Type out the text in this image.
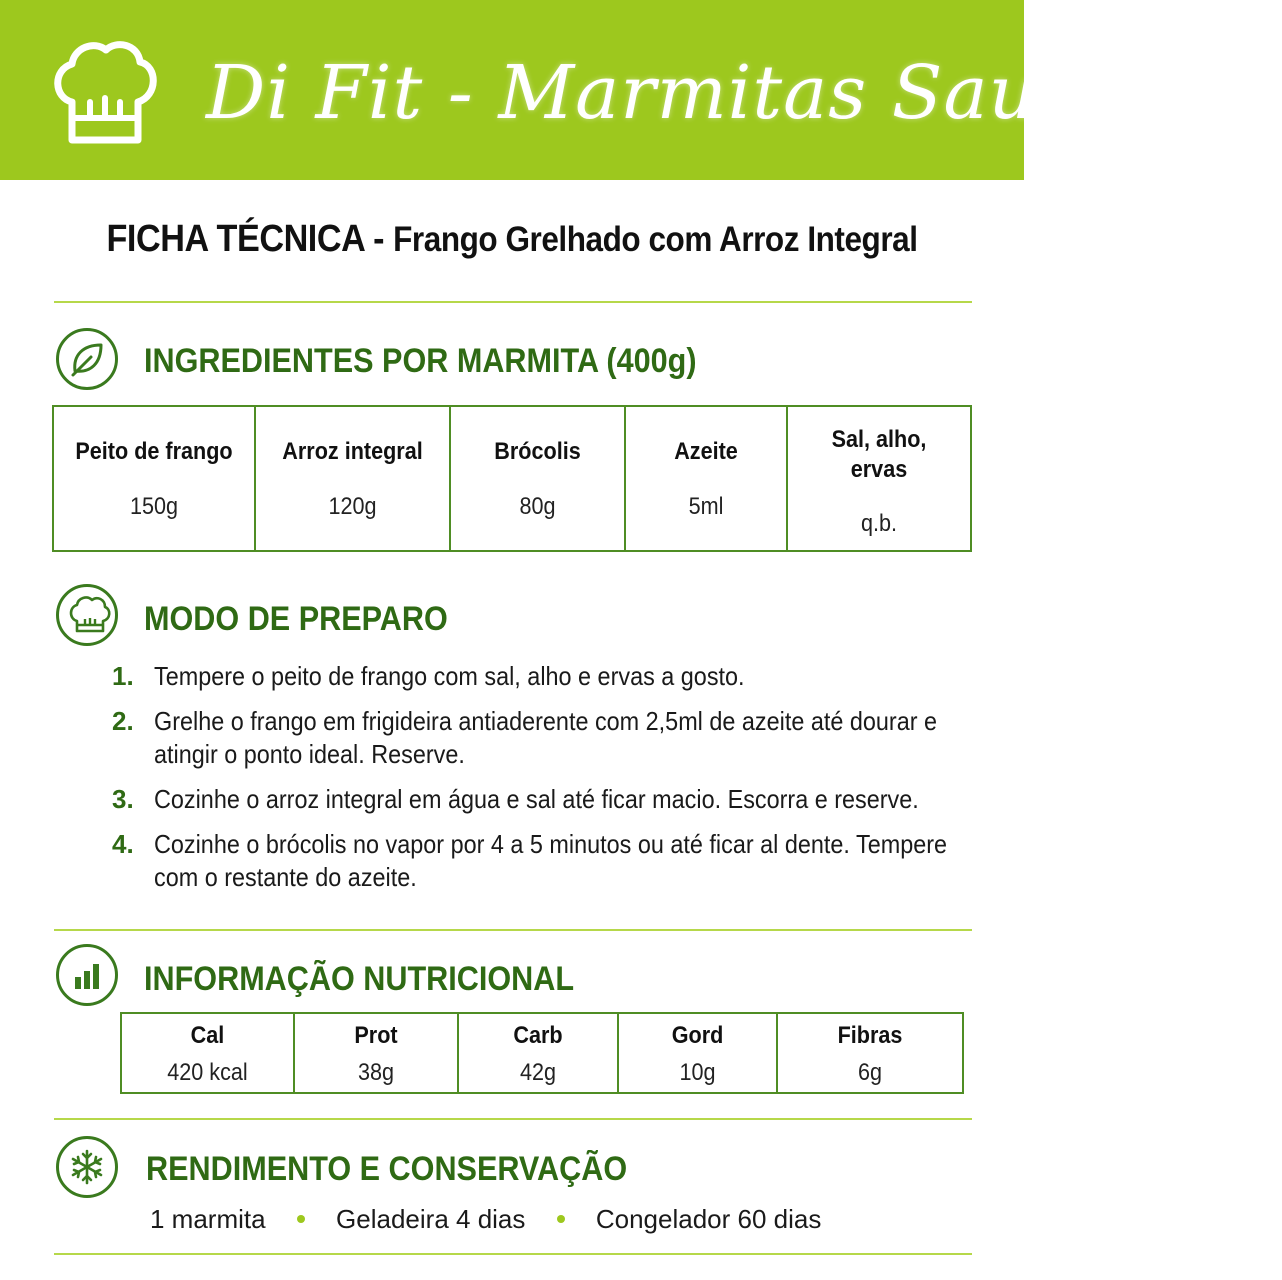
Di Fit - Marmitas Saudáveis
FICHA TÉCNICA - Frango Grelhado com Arroz Integral
INGREDIENTES POR MARMITA (400g)
Peito de frango
150g
Arroz integral
120g
Brócolis
80g
Azeite
5ml
Sal, alho, ervas
q.b.
MODO DE PREPARO
1. Tempere o peito de frango com sal, alho e ervas a gosto.
2. Grelhe o frango em frigideira antiaderente com 2,5ml de azeite até dourar e atingir o ponto ideal. Reserve.
3. Cozinhe o arroz integral em água e sal até ficar macio. Escorra e reserve.
4. Cozinhe o brócolis no vapor por 4 a 5 minutos ou até ficar al dente. Tempere com o restante do azeite.
INFORMAÇÃO NUTRICIONAL
Cal
420 kcal
Prot
38g
Carb
42g
Gord
10g
Fibras
6g
RENDIMENTO E CONSERVAÇÃO
1 marmita	Geladeira 4 dias	Congelador 60 dias
